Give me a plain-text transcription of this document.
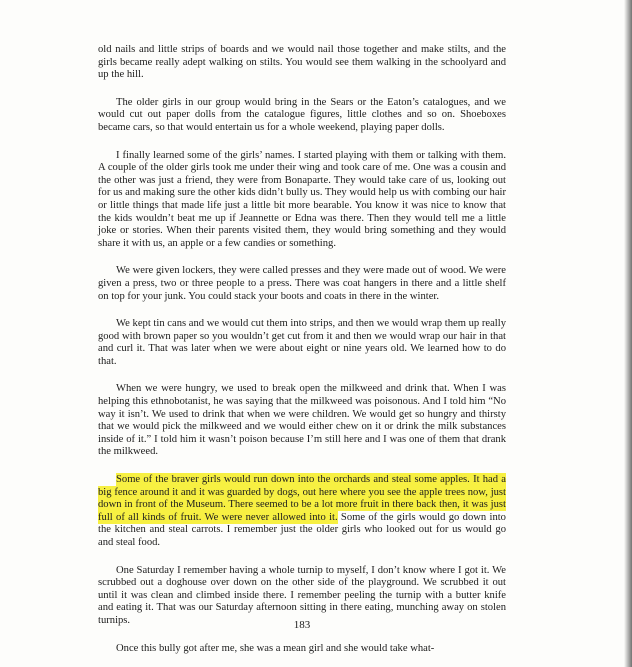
old nails and little strips of boards and we would nail those together and make stilts, and the girls became really adept walking on stilts. You would see them walking in the schoolyard and up the hill.

The older girls in our group would bring in the Sears or the Eaton’s catalogues, and we would cut out paper dolls from the catalogue figures, little clothes and so on. Shoeboxes became cars, so that would entertain us for a whole weekend, playing paper dolls.

I finally learned some of the girls’ names. I started playing with them or talking with them. A couple of the older girls took me under their wing and took care of me. One was a cousin and the other was just a friend, they were from Bonaparte. They would take care of us, looking out for us and making sure the other kids didn’t bully us. They would help us with combing our hair or little things that made life just a little bit more bearable. You know it was nice to know that the kids wouldn’t beat me up if Jeannette or Edna was there. Then they would tell me a little joke or stories. When their parents visited them, they would bring something and they would share it with us, an apple or a few candies or something.

We were given lockers, they were called presses and they were made out of wood. We were given a press, two or three people to a press. There was coat hangers in there and a little shelf on top for your junk. You could stack your boots and coats in there in the winter.

We kept tin cans and we would cut them into strips, and then we would wrap them up really good with brown paper so you wouldn’t get cut from it and then we would wrap our hair in that and curl it. That was later when we were about eight or nine years old. We learned how to do that.

When we were hungry, we used to break open the milkweed and drink that. When I was helping this ethnobotanist, he was saying that the milkweed was poisonous. And I told him “No way it isn’t. We used to drink that when we were children. We would get so hungry and thirsty that we would pick the milkweed and we would either chew on it or drink the milk substances inside of it.” I told him it wasn’t poison because I’m still here and I was one of them that drank the milkweed.

Some of the braver girls would run down into the orchards and steal some apples. It had a big fence around it and it was guarded by dogs, out here where you see the apple trees now, just down in front of the Museum. There seemed to be a lot more fruit in there back then, it was just full of all kinds of fruit. We were never allowed into it. Some of the girls would go down into the kitchen and steal carrots. I remember just the older girls who looked out for us would go and steal food.

One Saturday I remember having a whole turnip to myself, I don’t know where I got it. We scrubbed out a doghouse over down on the other side of the playground. We scrubbed it out until it was clean and climbed inside there. I remember peeling the turnip with a butter knife and eating it. That was our Saturday afternoon sitting in there eating, munching away on stolen turnips.

Once this bully got after me, she was a mean girl and she would take what-

183
